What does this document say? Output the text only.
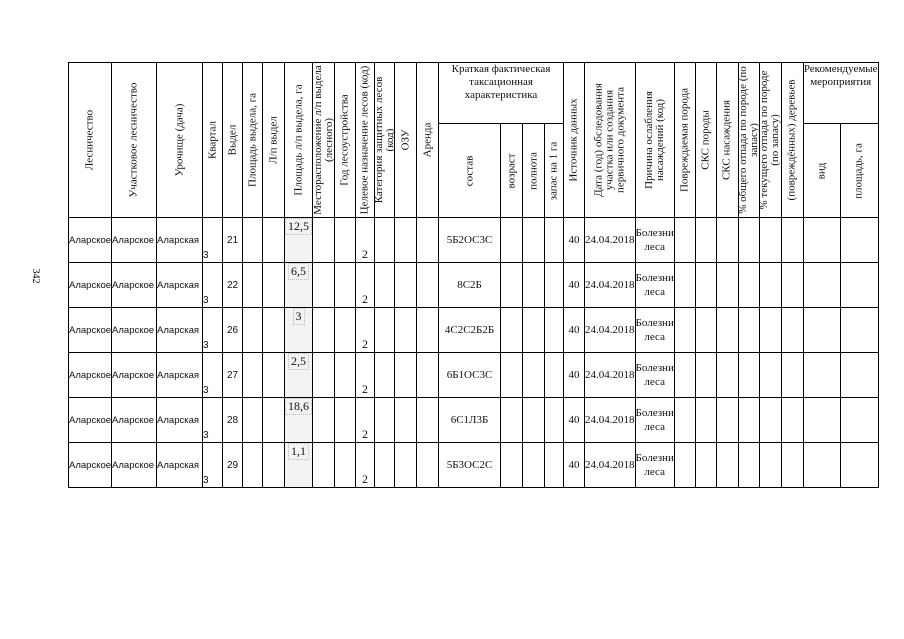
342
Лесничество	Участковое лесничество	Урочище (дача)	Квартал	Выдел	Площадь выдела, га	Л/п выдел	Площадь л/п выдела, га	Месторасположение л/п выдела (лесного)	Год лесоустройства	Целевое назначение лесов (код)	Категория защитных лесов (код)	ОЗУ	Аренда	Краткая фактическая таксационная характеристика				Источник данных	Дата (год) обследования участка или создания первичного документа	Причина ослабления насаждений (код)	Повреждаемая порода	СКС породы	СКС насаждения	% общего отпада по породе (по запасу)	% текущего отпада по породе (по запасу)	(повреждённых) деревьев	Рекомендуемые мероприятия	

														состав	возраст	полнота	запас на 1 га										вид	площадь, га

Аларское	Аларское	Аларская	3	21			12,5			2				5Б2ОС3С				40	24.04.2018	Болезни леса								
Аларское	Аларское	Аларская	3	22			6,5			2				8С2Б				40	24.04.2018	Болезни леса								
Аларское	Аларское	Аларская	3	26			3			2				4С2С2Б2Б				40	24.04.2018	Болезни леса								
Аларское	Аларское	Аларская	3	27			2,5			2				6Б1ОС3С				40	24.04.2018	Болезни леса								
Аларское	Аларское	Аларская	3	28			18,6			2				6С1Л3Б				40	24.04.2018	Болезни леса								
Аларское	Аларское	Аларская	3	29			1,1			2				5Б3ОС2С				40	24.04.2018	Болезни леса								
